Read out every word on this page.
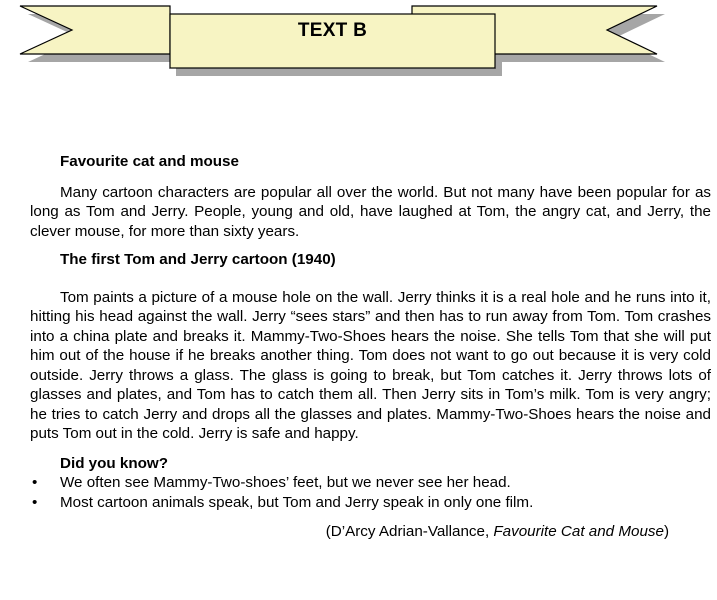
TEXT B

Favourite cat and mouse

Many cartoon characters are popular all over the world. But not many have been popular for as long as Tom and Jerry. People, young and old, have laughed at Tom, the angry cat, and Jerry, the clever mouse, for more than sixty years.

The first Tom and Jerry cartoon (1940)

Tom paints a picture of a mouse hole on the wall. Jerry thinks it is a real hole and he runs into it, hitting his head against the wall. Jerry “sees stars” and then has to run away from Tom. Tom crashes into a china plate and breaks it. Mammy-Two-Shoes hears the noise. She tells Tom that she will put him out of the house if he breaks another thing. Tom does not want to go out because it is very cold outside. Jerry throws a glass. The glass is going to break, but Tom catches it. Jerry throws lots of glasses and plates, and Tom has to catch them all. Then Jerry sits in Tom’s milk. Tom is very angry; he tries to catch Jerry and drops all the glasses and plates. Mammy-Two-Shoes hears the noise and puts Tom out in the cold. Jerry is safe and happy.

Did you know?

• We often see Mammy-Two-shoes’ feet, but we never see her head.
• Most cartoon animals speak, but Tom and Jerry speak in only one film.

(D’Arcy Adrian-Vallance, Favourite Cat and Mouse)
